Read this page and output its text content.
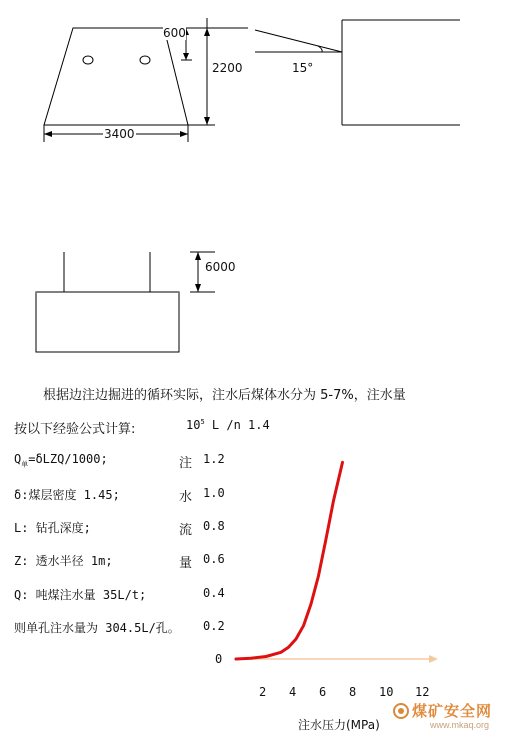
600
2200
3400
15°
6000
根据边注边掘进的循环实际，注水后煤体水分为 5-7%，注水量
按以下经验公式计算:
$Q_单=\delta LZQ/1000$;
δ:煤层密度 1.45;
L: 钻孔深度;
Z: 透水半径 1m;
Q: 吨煤注水量 35L/t;
则单孔注水量为 304.5L/孔。
$10^5$ L /n 1.4
注
水
流
量
1.2
1.0
0.8
0.6
0.4
0.2
0
2 4 6 8 10 12
注水压力(MPa)
煤矿安全网
www.mkaq.org
